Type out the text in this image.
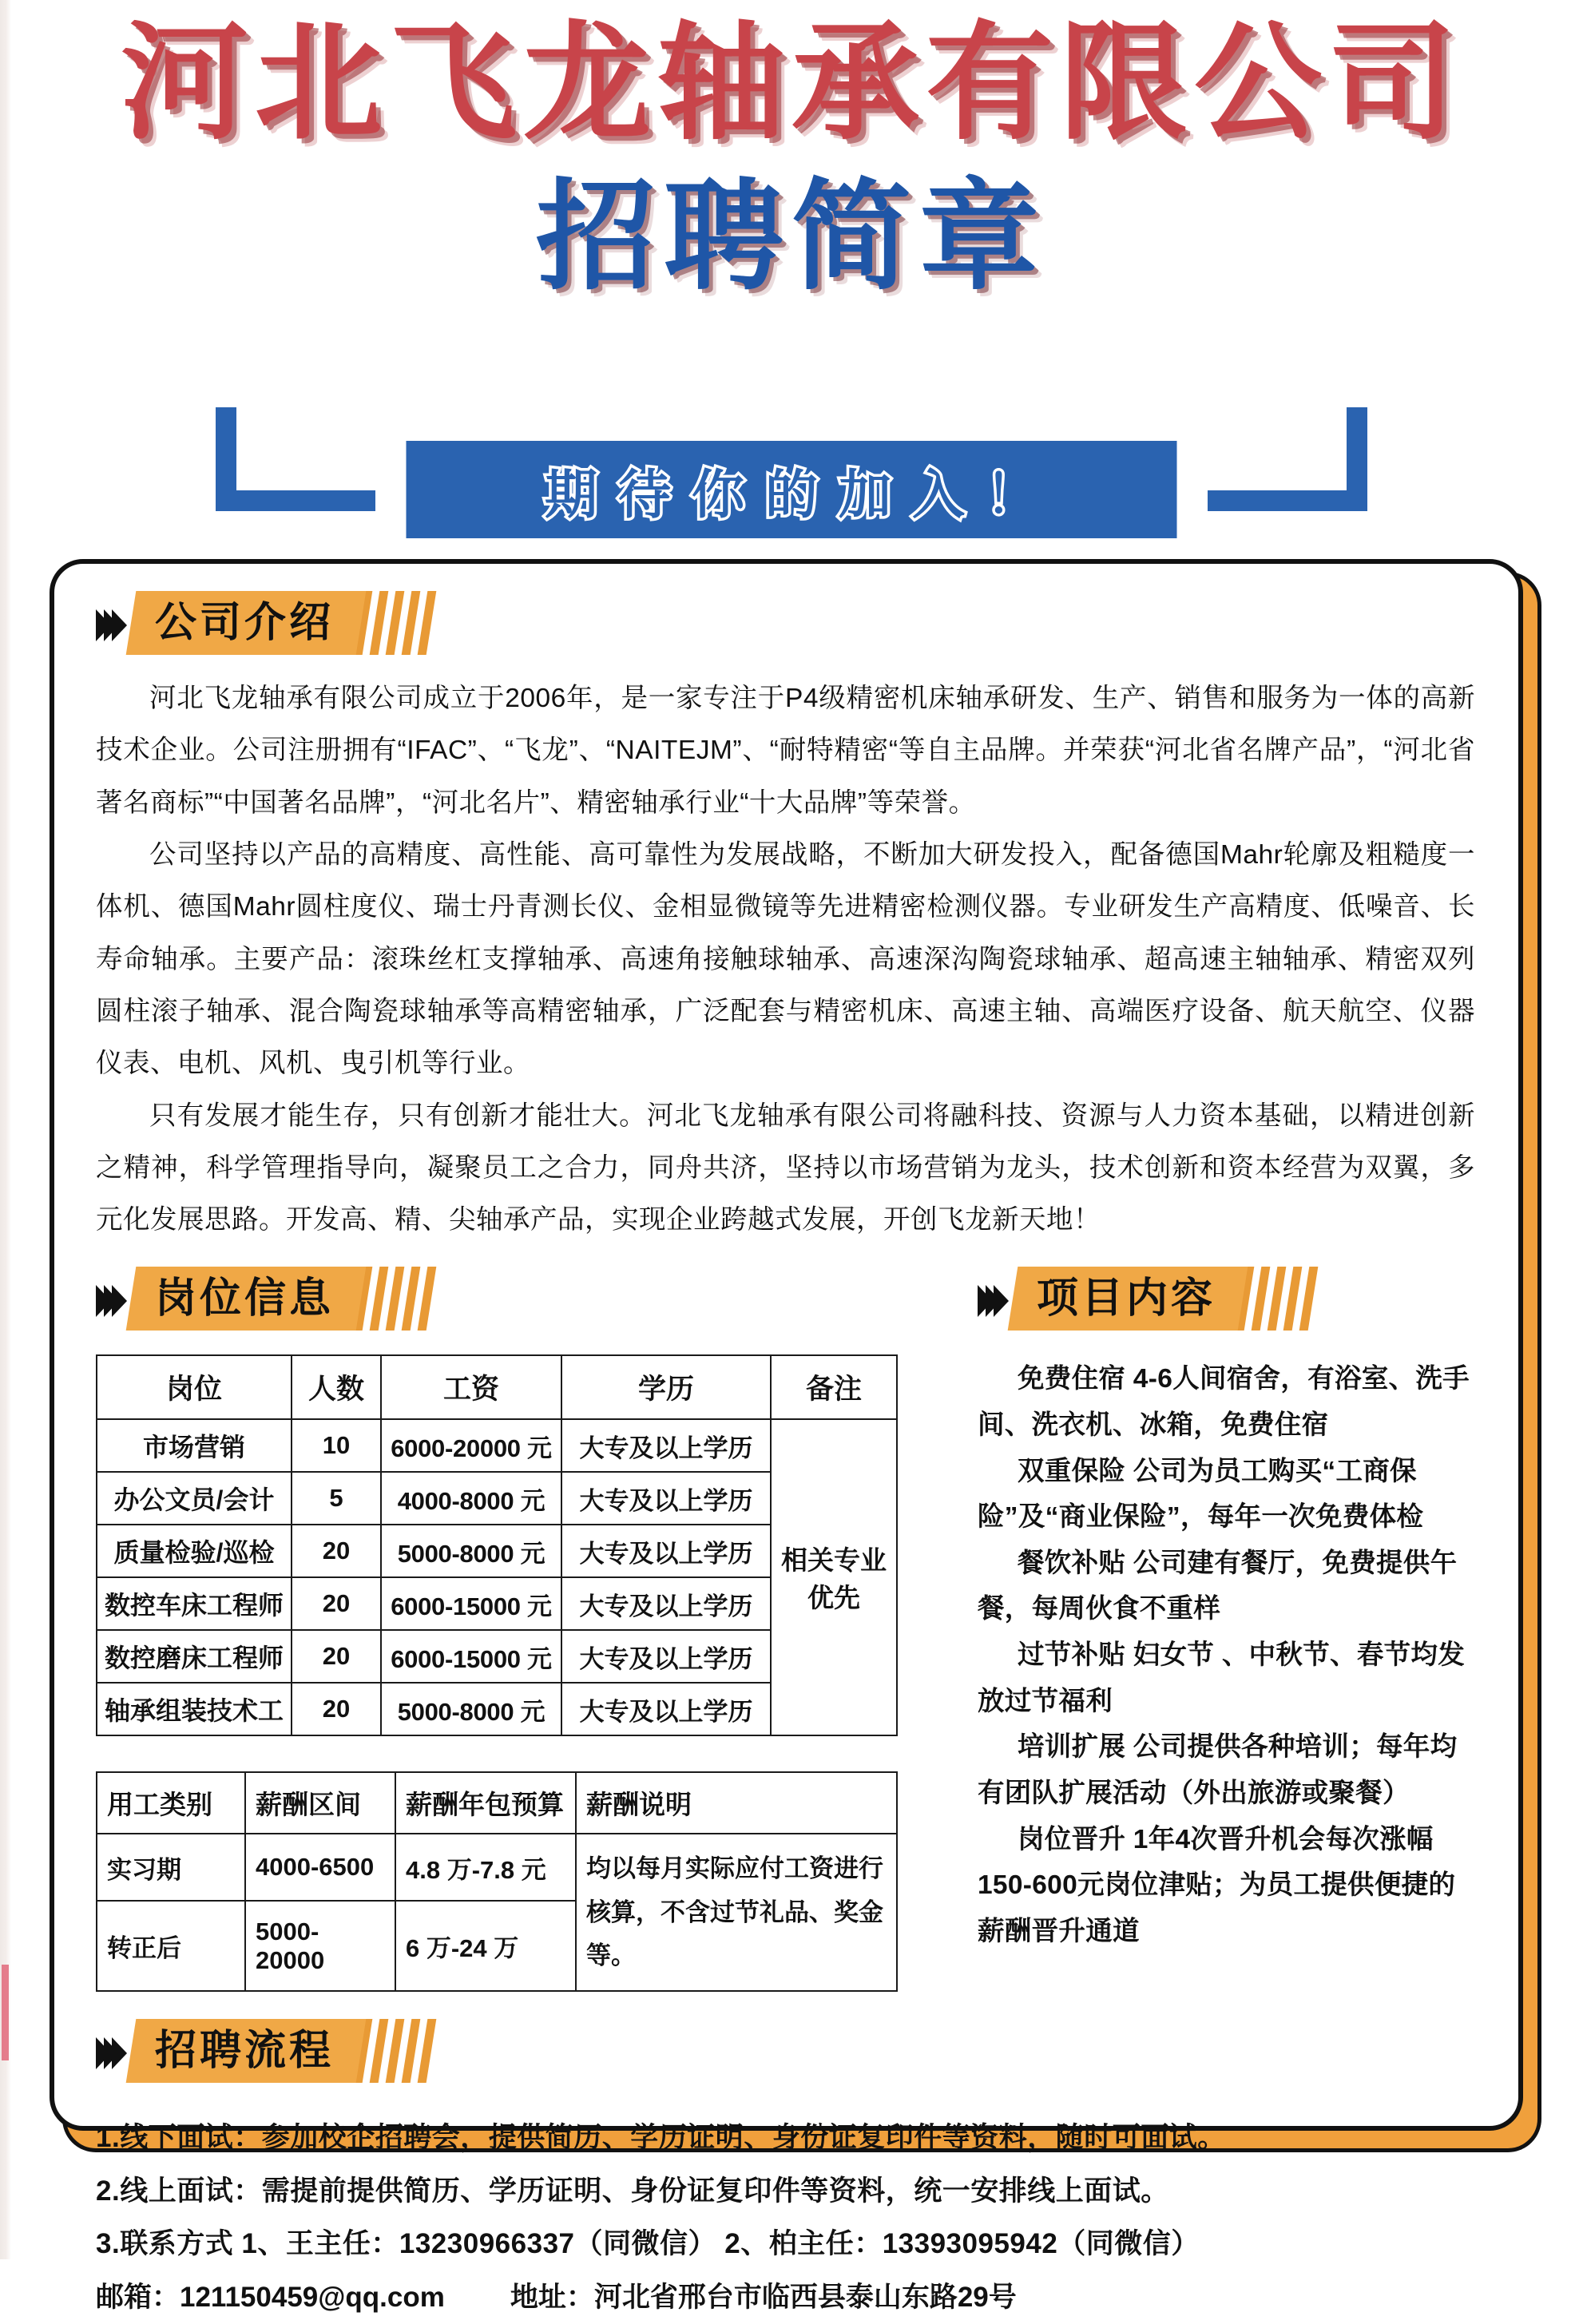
河北飞龙轴承有限公司
招聘简章
期待你的加入！
公司介绍

河北飞龙轴承有限公司成立于2006年，是一家专注于P4级精密机床轴承研发、生产、销售和服务为一体的高新技术企业。公司注册拥有“IFAC”、“飞龙”、“NAITEJM”、“耐特精密“等自主品牌。并荣获“河北省名牌产品”，“河北省著名商标”“中国著名品牌”，“河北名片”、精密轴承行业“十大品牌”等荣誉。

公司坚持以产品的高精度、高性能、高可靠性为发展战略，不断加大研发投入，配备德国Mahr轮廓及粗糙度一体机、德国Mahr圆柱度仪、瑞士丹青测长仪、金相显微镜等先进精密检测仪器。专业研发生产高精度、低噪音、长寿命轴承。主要产品：滚珠丝杠支撑轴承、高速角接触球轴承、高速深沟陶瓷球轴承、超高速主轴轴承、精密双列圆柱滚子轴承、混合陶瓷球轴承等高精密轴承，广泛配套与精密机床、高速主轴、高端医疗设备、航天航空、仪器仪表、电机、风机、曳引机等行业。

只有发展才能生存，只有创新才能壮大。河北飞龙轴承有限公司将融科技、资源与人力资本基础，以精进创新之精神，科学管理指导向，凝聚员工之合力，同舟共济，坚持以市场营销为龙头，技术创新和资本经营为双翼，多元化发展思路。开发高、精、尖轴承产品，实现企业跨越式发展，开创飞龙新天地！

岗位信息
岗位	人数	工资	学历	备注
市场营销	10	6000-20000 元	大专及以上学历	相关专业优先
办公文员/会计	5	4000-8000 元	大专及以上学历	
质量检验/巡检	20	5000-8000 元	大专及以上学历	
数控车床工程师	20	6000-15000 元	大专及以上学历	
数控磨床工程师	20	6000-15000 元	大专及以上学历	
轴承组装技术工	20	5000-8000 元	大专及以上学历	
用工类别	薪酬区间	薪酬年包预算	薪酬说明
实习期	4000-6500	4.8 万-7.8 元	均以每月实际应付工资进行核算，不含过节礼品、奖金等。
转正后	5000-20000	6 万-24 万	
项目内容

免费住宿 4-6人间宿舍，有浴室、洗手间、洗衣机、冰箱，免费住宿

双重保险 公司为员工购买“工商保险”及“商业保险”，每年一次免费体检

餐饮补贴 公司建有餐厅，免费提供午餐，每周伙食不重样

过节补贴 妇女节 、中秋节、春节均发放过节福利

培训扩展 公司提供各种培训；每年均有团队扩展活动（外出旅游或聚餐）

岗位晋升 1年4次晋升机会每次涨幅150-600元岗位津贴；为员工提供便捷的薪酬晋升通道

招聘流程

1.线下面试：参加校企招聘会，提供简历、学历证明、身份证复印件等资料，随时可面试。

2.线上面试：需提前提供简历、学历证明、身份证复印件等资料，统一安排线上面试。

3.联系方式 1、王主任：13230966337（同微信） 2、柏主任：13393095942（同微信）

邮箱：121150459@qq.com 地址：河北省邢台市临西县泰山东路29号
